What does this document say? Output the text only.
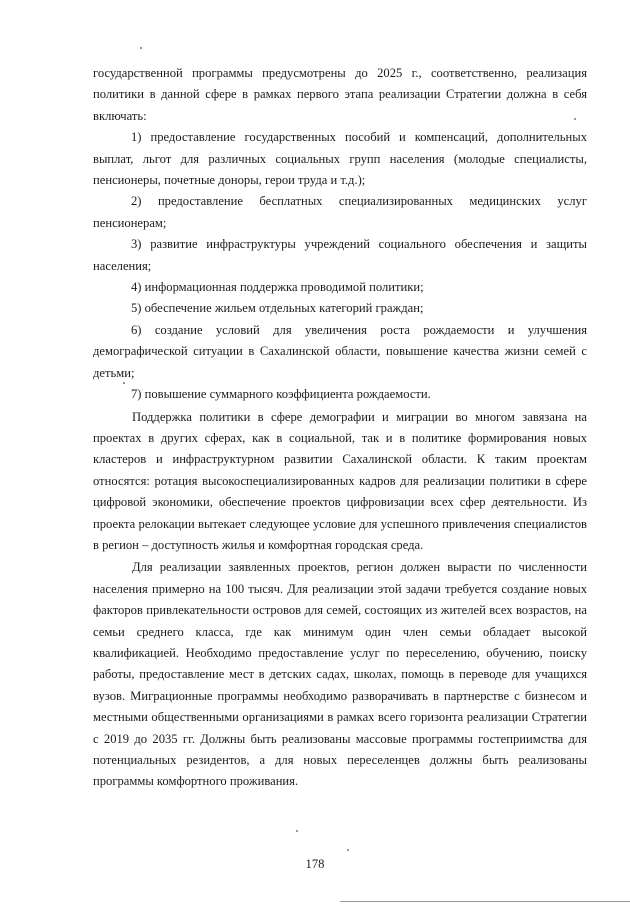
государственной программы предусмотрены до 2025 г., соответственно, реализация политики в данной сфере в рамках первого этапа реализации Стратегии должна в себя включать:

1) предоставление государственных пособий и компенсаций, дополнительных выплат, льгот для различных социальных групп населения (молодые специалисты, пенсионеры, почетные доноры, герои труда и т.д.);

2) предоставление бесплатных специализированных медицинских услуг пенсионерам;

3) развитие инфраструктуры учреждений социального обеспечения и защиты населения;

4) информационная поддержка проводимой политики;

5) обеспечение жильем отдельных категорий граждан;

6) создание условий для увеличения роста рождаемости и улучшения демографической ситуации в Сахалинской области, повышение качества жизни семей с детьми;

7) повышение суммарного коэффициента рождаемости.

Поддержка политики в сфере демографии и миграции во многом завязана на проектах в других сферах, как в социальной, так и в политике формирования новых кластеров и инфраструктурном развитии Сахалинской области. К таким проектам относятся: ротация высокоспециализированных кадров для реализации политики в сфере цифровой экономики, обеспечение проектов цифровизации всех сфер деятельности. Из проекта релокации вытекает следующее условие для успешного привлечения специалистов в регион – доступность жилья и комфортная городская среда.

Для реализации заявленных проектов, регион должен вырасти по численности населения примерно на 100 тысяч. Для реализации этой задачи требуется создание новых факторов привлекательности островов для семей, состоящих из жителей всех возрастов, на семьи среднего класса, где как минимум один член семьи обладает высокой квалификацией. Необходимо предоставление услуг по переселению, обучению, поиску работы, предоставление мест в детских садах, школах, помощь в переводе для учащихся вузов. Миграционные программы необходимо разворачивать в партнерстве с бизнесом и местными общественными организациями в рамках всего горизонта реализации Стратегии с 2019 до 2035 гг. Должны быть реализованы массовые программы гостеприимства для потенциальных резидентов, а для новых переселенцев должны быть реализованы программы комфортного проживания.

178
